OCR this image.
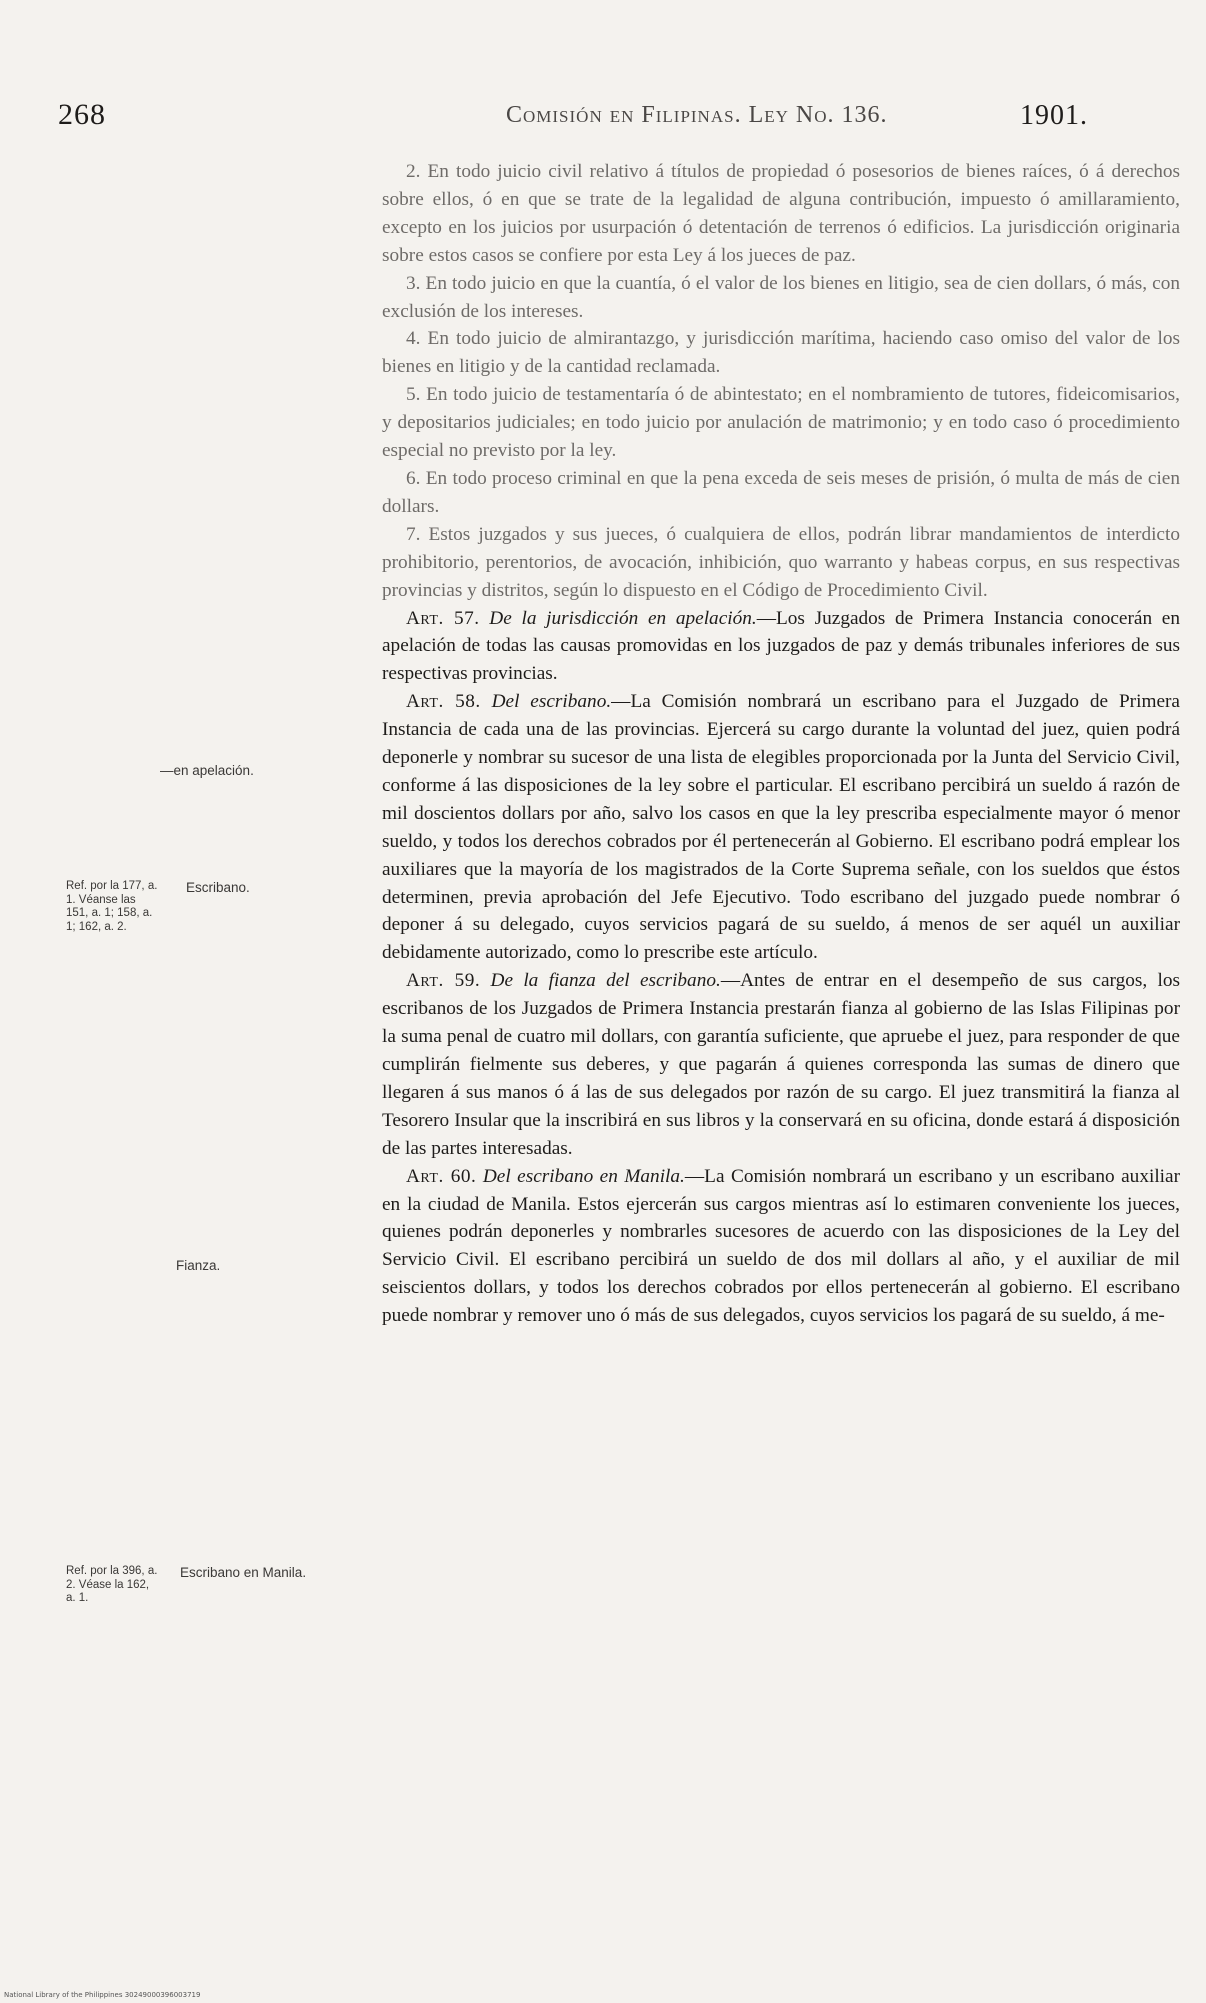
268	Comisión en Filipinas. Ley No. 136.	1901.
—en apelación.
Ref. por la 177, a. 1. Véanse las 151, a. 1; 158, a. 1; 162, a. 2.
Escribano.
Fianza.
Ref. por la 396, a. 2. Véase la 162, a. 1.
Escribano en Manila.

2. En todo juicio civil relativo á títulos de propiedad ó posesorios de bienes raíces, ó á derechos sobre ellos, ó en que se trate de la legalidad de alguna contribución, impuesto ó amillaramiento, excepto en los juicios por usurpación ó detentación de terrenos ó edificios. La jurisdicción originaria sobre estos casos se confiere por esta Ley á los jueces de paz.

3. En todo juicio en que la cuantía, ó el valor de los bienes en litigio, sea de cien dollars, ó más, con exclusión de los intereses.

4. En todo juicio de almirantazgo, y jurisdicción marítima, haciendo caso omiso del valor de los bienes en litigio y de la cantidad reclamada.

5. En todo juicio de testamentaría ó de abintestato; en el nombramiento de tutores, fideicomisarios, y depositarios judiciales; en todo juicio por anulación de matrimonio; y en todo caso ó procedimiento especial no previsto por la ley.

6. En todo proceso criminal en que la pena exceda de seis meses de prisión, ó multa de más de cien dollars.

7. Estos juzgados y sus jueces, ó cualquiera de ellos, podrán librar mandamientos de interdicto prohibitorio, perentorios, de avocación, inhibición, quo warranto y habeas corpus, en sus respectivas provincias y distritos, según lo dispuesto en el Código de Procedimiento Civil.

Art. 57. De la jurisdicción en apelación.—Los Juzgados de Primera Instancia conocerán en apelación de todas las causas promovidas en los juzgados de paz y demás tribunales inferiores de sus respectivas provincias.

Art. 58. Del escribano.—La Comisión nombrará un escribano para el Juzgado de Primera Instancia de cada una de las provincias. Ejercerá su cargo durante la voluntad del juez, quien podrá deponerle y nombrar su sucesor de una lista de elegibles proporcionada por la Junta del Servicio Civil, conforme á las disposiciones de la ley sobre el particular. El escribano percibirá un sueldo á razón de mil doscientos dollars por año, salvo los casos en que la ley prescriba especialmente mayor ó menor sueldo, y todos los derechos cobrados por él pertenecerán al Gobierno. El escribano podrá emplear los auxiliares que la mayoría de los magistrados de la Corte Suprema señale, con los sueldos que éstos determinen, previa aprobación del Jefe Ejecutivo. Todo escribano del juzgado puede nombrar ó deponer á su delegado, cuyos servicios pagará de su sueldo, á menos de ser aquél un auxiliar debidamente autorizado, como lo prescribe este artículo.

Art. 59. De la fianza del escribano.—Antes de entrar en el desempeño de sus cargos, los escribanos de los Juzgados de Primera Instancia prestarán fianza al gobierno de las Islas Filipinas por la suma penal de cuatro mil dollars, con garantía suficiente, que apruebe el juez, para responder de que cumplirán fielmente sus deberes, y que pagarán á quienes corresponda las sumas de dinero que llegaren á sus manos ó á las de sus delegados por razón de su cargo. El juez transmitirá la fianza al Tesorero Insular que la inscribirá en sus libros y la conservará en su oficina, donde estará á disposición de las partes interesadas.

Art. 60. Del escribano en Manila.—La Comisión nombrará un escribano y un escribano auxiliar en la ciudad de Manila. Estos ejercerán sus cargos mientras así lo estimaren conveniente los jueces, quienes podrán deponerles y nombrarles sucesores de acuerdo con las disposiciones de la Ley del Servicio Civil. El escribano percibirá un sueldo de dos mil dollars al año, y el auxiliar de mil seiscientos dollars, y todos los derechos cobrados por ellos pertenecerán al gobierno. El escribano puede nombrar y remover uno ó más de sus delegados, cuyos servicios los pagará de su sueldo, á me-

National Library of the Philippines 30249000396003719
